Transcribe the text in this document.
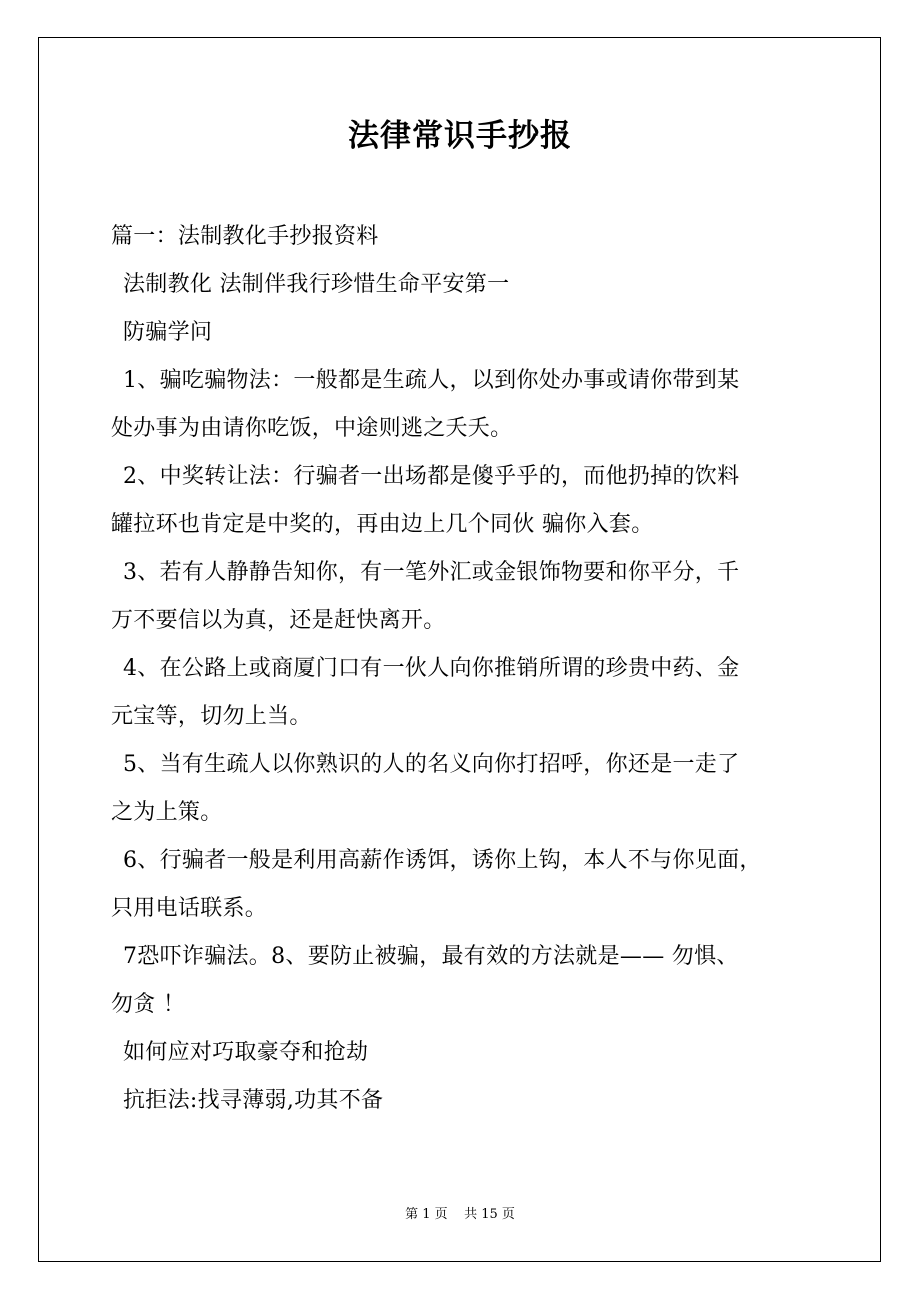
法律常识手抄报

篇一：法制教化手抄报资料

法制教化 法制伴我行珍惜生命平安第一

防骗学问

1、骗吃骗物法：一般都是生疏人，以到你处办事或请你带到某

处办事为由请你吃饭，中途则逃之夭夭。

2、中奖转让法：行骗者一出场都是傻乎乎的，而他扔掉的饮料

罐拉环也肯定是中奖的，再由边上几个同伙 骗你入套。

3、若有人静静告知你，有一笔外汇或金银饰物要和你平分，千

万不要信以为真，还是赶快离开。

4、在公路上或商厦门口有一伙人向你推销所谓的珍贵中药、金

元宝等，切勿上当。

5、当有生疏人以你熟识的人的名义向你打招呼，你还是一走了

之为上策。

6、行骗者一般是利用高薪作诱饵，诱你上钩，本人不与你见面，

只用电话联系。

7恐吓诈骗法。8、要防止被骗，最有效的方法就是—— 勿惧、

勿贪 ！

如何应对巧取豪夺和抢劫

抗拒法:找寻薄弱,功其不备

第 1 页    共 15 页
